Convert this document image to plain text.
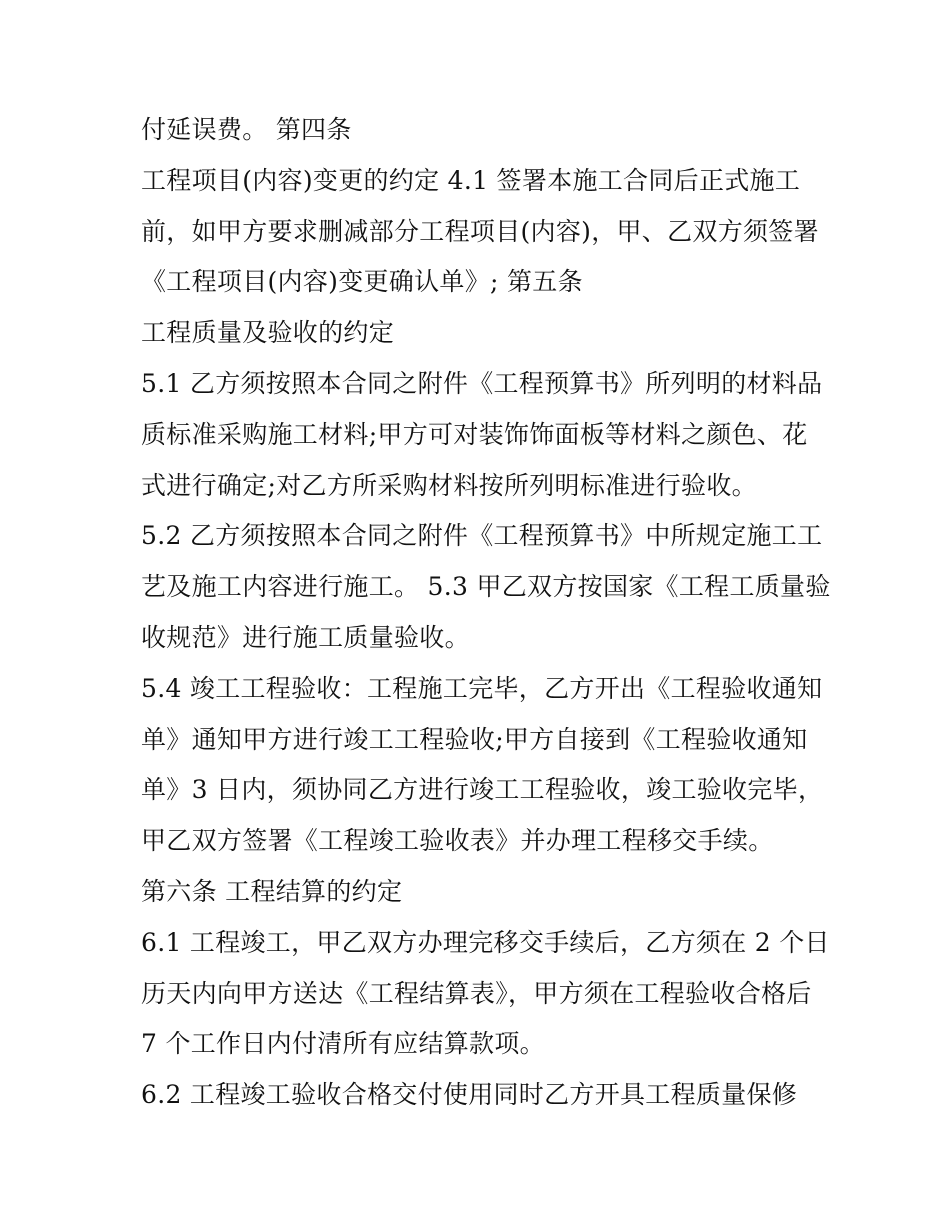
付延误费。 第四条
工程项目(内容)变更的约定 4.1 签署本施工合同后正式施工
前，如甲方要求删减部分工程项目(内容)，甲、乙双方须签署
《工程项目(内容)变更确认单》; 第五条
工程质量及验收的约定
5.1 乙方须按照本合同之附件《工程预算书》所列明的材料品
质标准采购施工材料;甲方可对装饰饰面板等材料之颜色、花
式进行确定;对乙方所采购材料按所列明标准进行验收。
5.2 乙方须按照本合同之附件《工程预算书》中所规定施工工
艺及施工内容进行施工。 5.3 甲乙双方按国家《工程工质量验
收规范》进行施工质量验收。
5.4 竣工工程验收：工程施工完毕，乙方开出《工程验收通知
单》通知甲方进行竣工工程验收;甲方自接到《工程验收通知
单》3 日内，须协同乙方进行竣工工程验收，竣工验收完毕，
甲乙双方签署《工程竣工验收表》并办理工程移交手续。
第六条 工程结算的约定
6.1 工程竣工，甲乙双方办理完移交手续后，乙方须在 2 个日
历天内向甲方送达《工程结算表》，甲方须在工程验收合格后
7 个工作日内付清所有应结算款项。
6.2 工程竣工验收合格交付使用同时乙方开具工程质量保修
